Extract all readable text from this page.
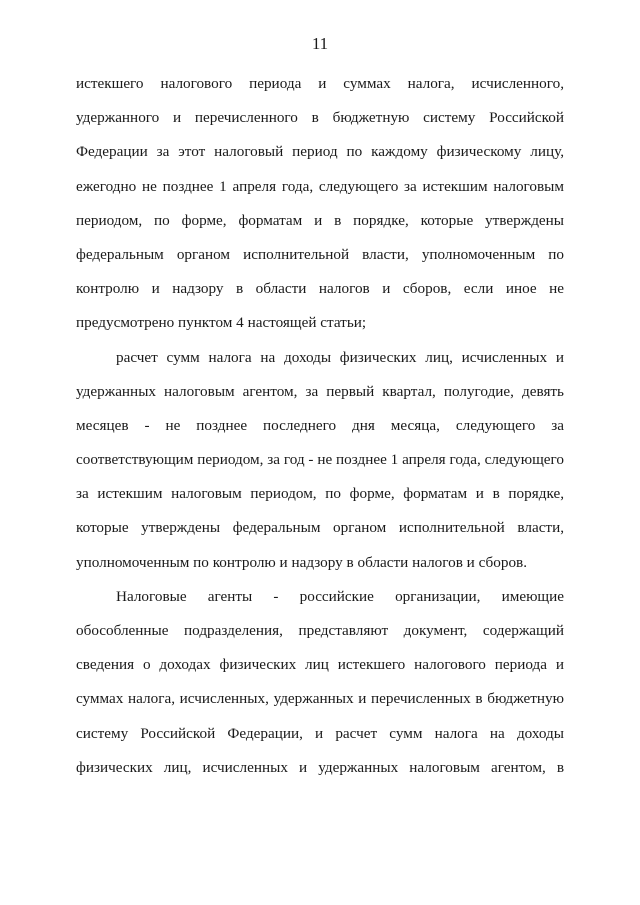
11
истекшего налогового периода и суммах налога, исчисленного,
удержанного и перечисленного в бюджетную систему Российской
Федерации за этот налоговый период по каждому физическому лицу,
ежегодно не позднее 1 апреля года, следующего за истекшим налоговым
периодом, по форме, форматам и в порядке, которые утверждены
федеральным органом исполнительной власти, уполномоченным по
контролю и надзору в области налогов и сборов, если иное не
предусмотрено пунктом 4 настоящей статьи;
расчет сумм налога на доходы физических лиц, исчисленных и
удержанных налоговым агентом, за первый квартал, полугодие, девять
месяцев - не позднее последнего дня месяца, следующего за
соответствующим периодом, за год - не позднее 1 апреля года, следующего
за истекшим налоговым периодом, по форме, форматам и в порядке,
которые утверждены федеральным органом исполнительной власти,
уполномоченным по контролю и надзору в области налогов и сборов.
Налоговые агенты - российские организации, имеющие
обособленные подразделения, представляют документ, содержащий
сведения о доходах физических лиц истекшего налогового периода и
суммах налога, исчисленных, удержанных и перечисленных в бюджетную
систему Российской Федерации, и расчет сумм налога на доходы
физических лиц, исчисленных и удержанных налоговым агентом, в
